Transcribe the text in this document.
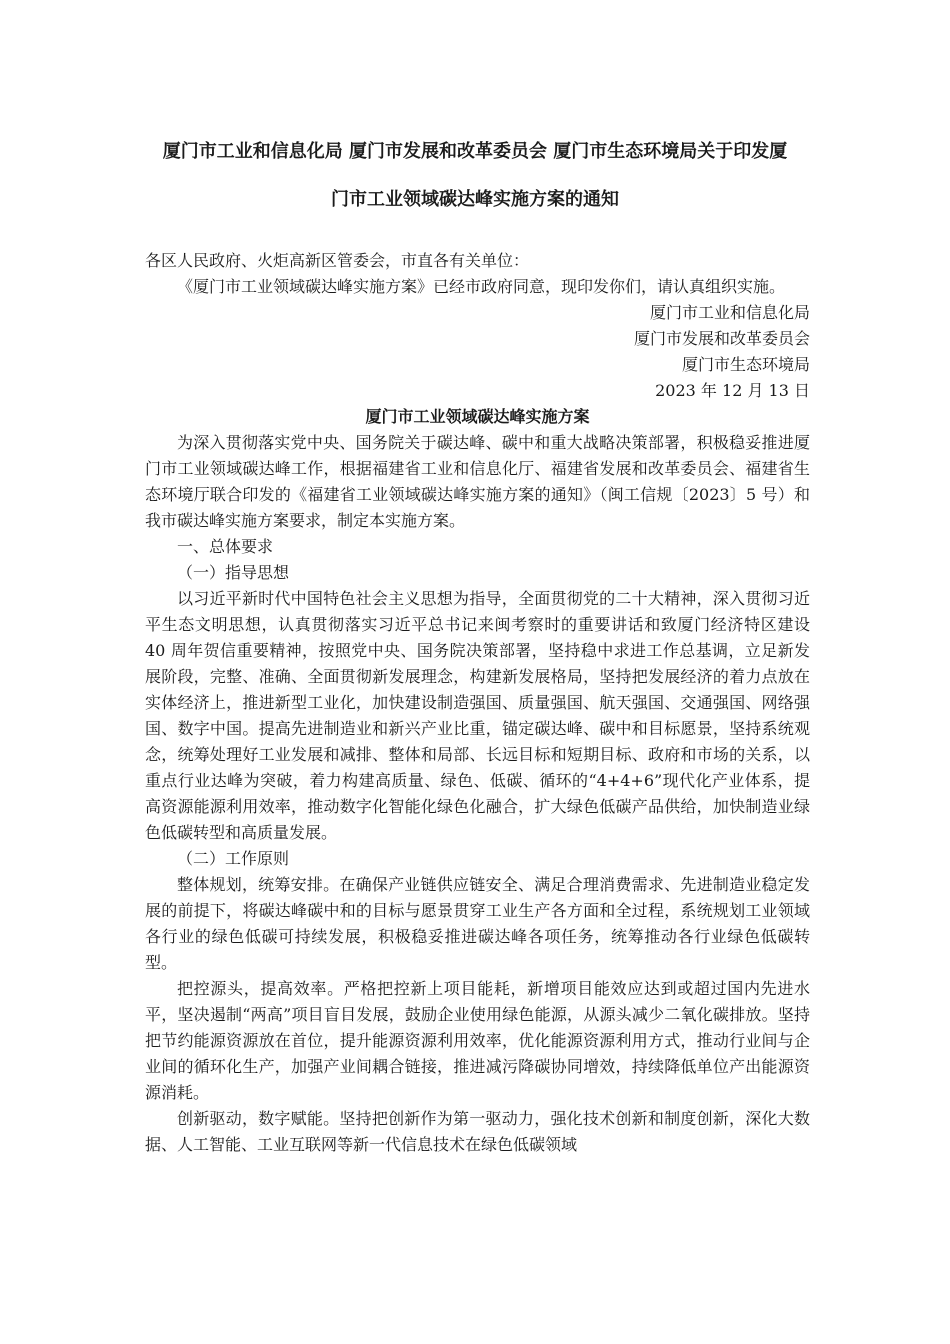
厦门市工业和信息化局 厦门市发展和改革委员会 厦门市生态环境局关于印发厦
门市工业领域碳达峰实施方案的通知

各区人民政府、火炬高新区管委会，市直各有关单位：

《厦门市工业领域碳达峰实施方案》已经市政府同意，现印发你们，请认真组织实施。

厦门市工业和信息化局

厦门市发展和改革委员会

厦门市生态环境局

2023 年 12 月 13 日

厦门市工业领域碳达峰实施方案

为深入贯彻落实党中央、国务院关于碳达峰、碳中和重大战略决策部署，积极稳妥推进厦门市工业领域碳达峰工作，根据福建省工业和信息化厅、福建省发展和改革委员会、福建省生态环境厅联合印发的《福建省工业领域碳达峰实施方案的通知》（闽工信规〔2023〕5 号）和我市碳达峰实施方案要求，制定本实施方案。

一、总体要求

（一）指导思想

以习近平新时代中国特色社会主义思想为指导，全面贯彻党的二十大精神，深入贯彻习近平生态文明思想，认真贯彻落实习近平总书记来闽考察时的重要讲话和致厦门经济特区建设 40 周年贺信重要精神，按照党中央、国务院决策部署，坚持稳中求进工作总基调，立足新发展阶段，完整、准确、全面贯彻新发展理念，构建新发展格局，坚持把发展经济的着力点放在实体经济上，推进新型工业化，加快建设制造强国、质量强国、航天强国、交通强国、网络强国、数字中国。提高先进制造业和新兴产业比重，锚定碳达峰、碳中和目标愿景，坚持系统观念，统筹处理好工业发展和减排、整体和局部、长远目标和短期目标、政府和市场的关系，以重点行业达峰为突破，着力构建高质量、绿色、低碳、循环的“4+4+6”现代化产业体系，提高资源能源利用效率，推动数字化智能化绿色化融合，扩大绿色低碳产品供给，加快制造业绿色低碳转型和高质量发展。

（二）工作原则

整体规划，统筹安排。在确保产业链供应链安全、满足合理消费需求、先进制造业稳定发展的前提下，将碳达峰碳中和的目标与愿景贯穿工业生产各方面和全过程，系统规划工业领域各行业的绿色低碳可持续发展，积极稳妥推进碳达峰各项任务，统筹推动各行业绿色低碳转型。

把控源头，提高效率。严格把控新上项目能耗，新增项目能效应达到或超过国内先进水平，坚决遏制“两高”项目盲目发展，鼓励企业使用绿色能源，从源头减少二氧化碳排放。坚持把节约能源资源放在首位，提升能源资源利用效率，优化能源资源利用方式，推动行业间与企业间的循环化生产，加强产业间耦合链接，推进减污降碳协同增效，持续降低单位产出能源资源消耗。

创新驱动，数字赋能。坚持把创新作为第一驱动力，强化技术创新和制度创新，深化大数据、人工智能、工业互联网等新一代信息技术在绿色低碳领域
